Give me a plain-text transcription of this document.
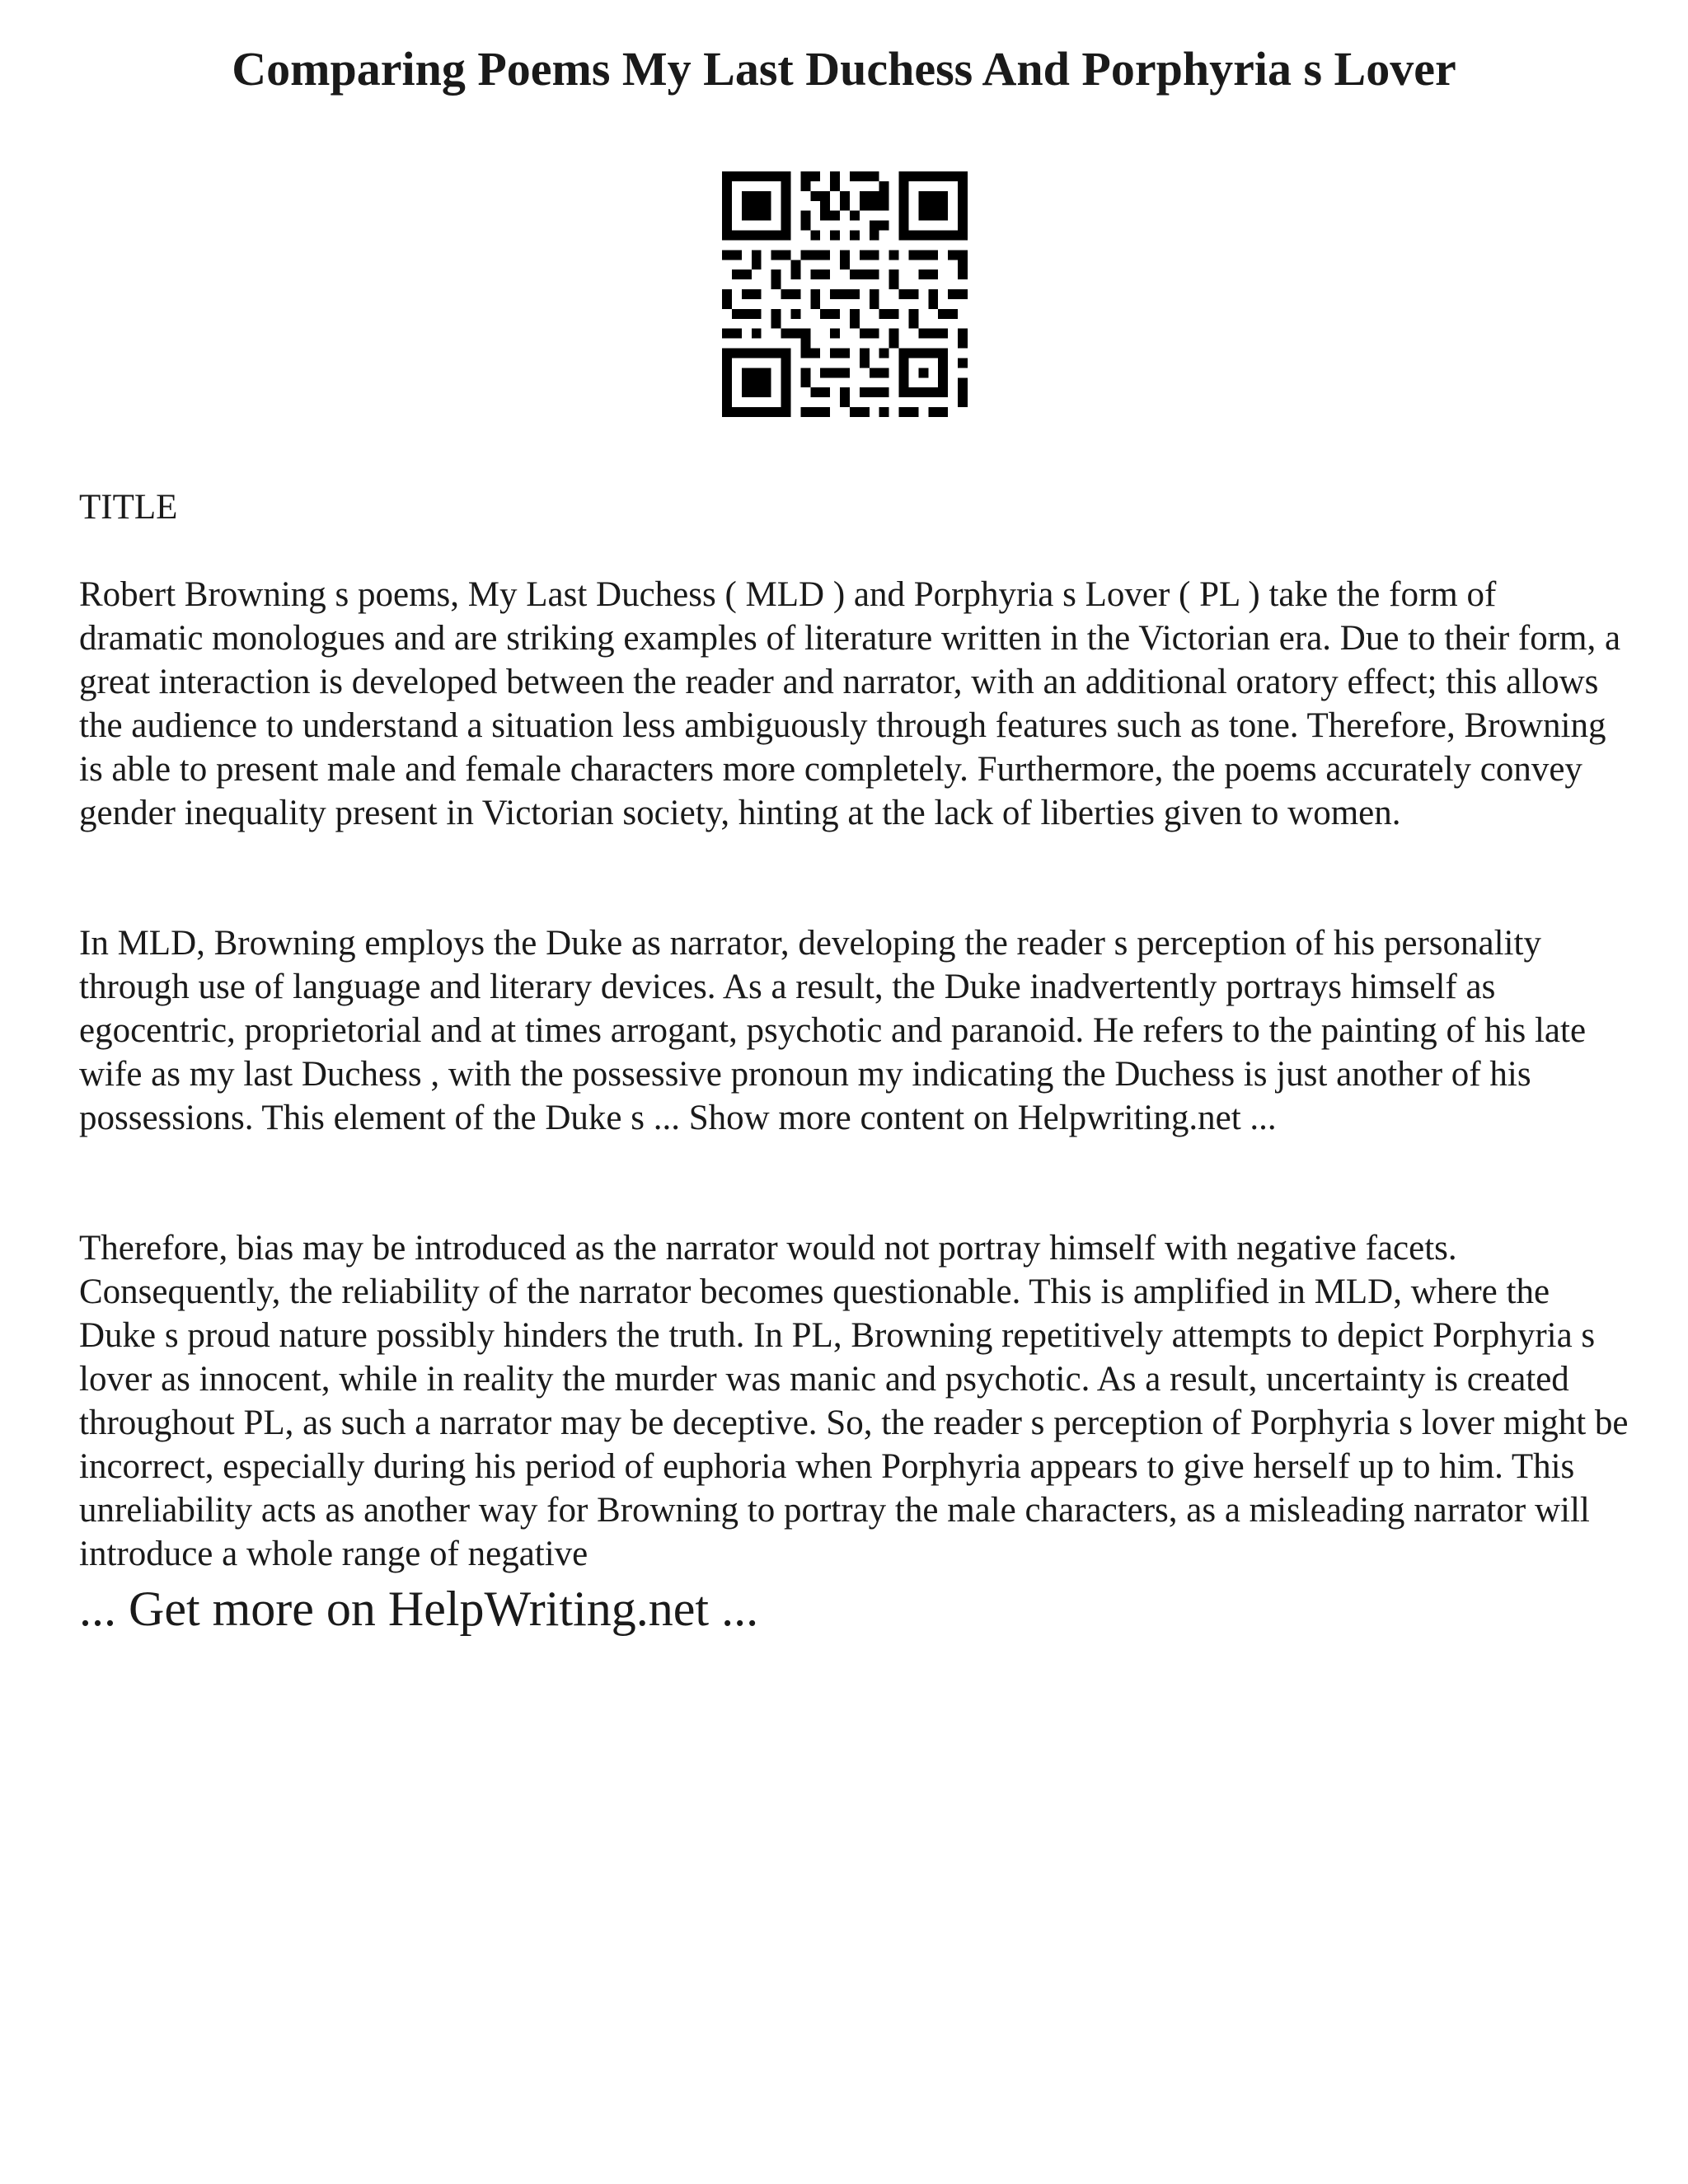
Comparing Poems My Last Duchess And Porphyria s Lover

TITLE

Robert Browning s poems, My Last Duchess ( MLD ) and Porphyria s Lover ( PL ) take the form of dramatic monologues and are striking examples of literature written in the Victorian era. Due to their form, a great interaction is developed between the reader and narrator, with an additional oratory effect; this allows the audience to understand a situation less ambiguously through features such as tone. Therefore, Browning is able to present male and female characters more completely. Furthermore, the poems accurately convey gender inequality present in Victorian society, hinting at the lack of liberties given to women.

In MLD, Browning employs the Duke as narrator, developing the reader s perception of his personality through use of language and literary devices. As a result, the Duke inadvertently portrays himself as egocentric, proprietorial and at times arrogant, psychotic and paranoid. He refers to the painting of his late wife as my last Duchess , with the possessive pronoun my indicating the Duchess is just another of his possessions. This element of the Duke s ... Show more content on Helpwriting.net ...

Therefore, bias may be introduced as the narrator would not portray himself with negative facets. Consequently, the reliability of the narrator becomes questionable. This is amplified in MLD, where the Duke s proud nature possibly hinders the truth. In PL, Browning repetitively attempts to depict Porphyria s lover as innocent, while in reality the murder was manic and psychotic. As a result, uncertainty is created throughout PL, as such a narrator may be deceptive. So, the reader s perception of Porphyria s lover might be incorrect, especially during his period of euphoria when Porphyria appears to give herself up to him. This unreliability acts as another way for Browning to portray the male characters, as a misleading narrator will introduce a whole range of negative

... Get more on HelpWriting.net ...
